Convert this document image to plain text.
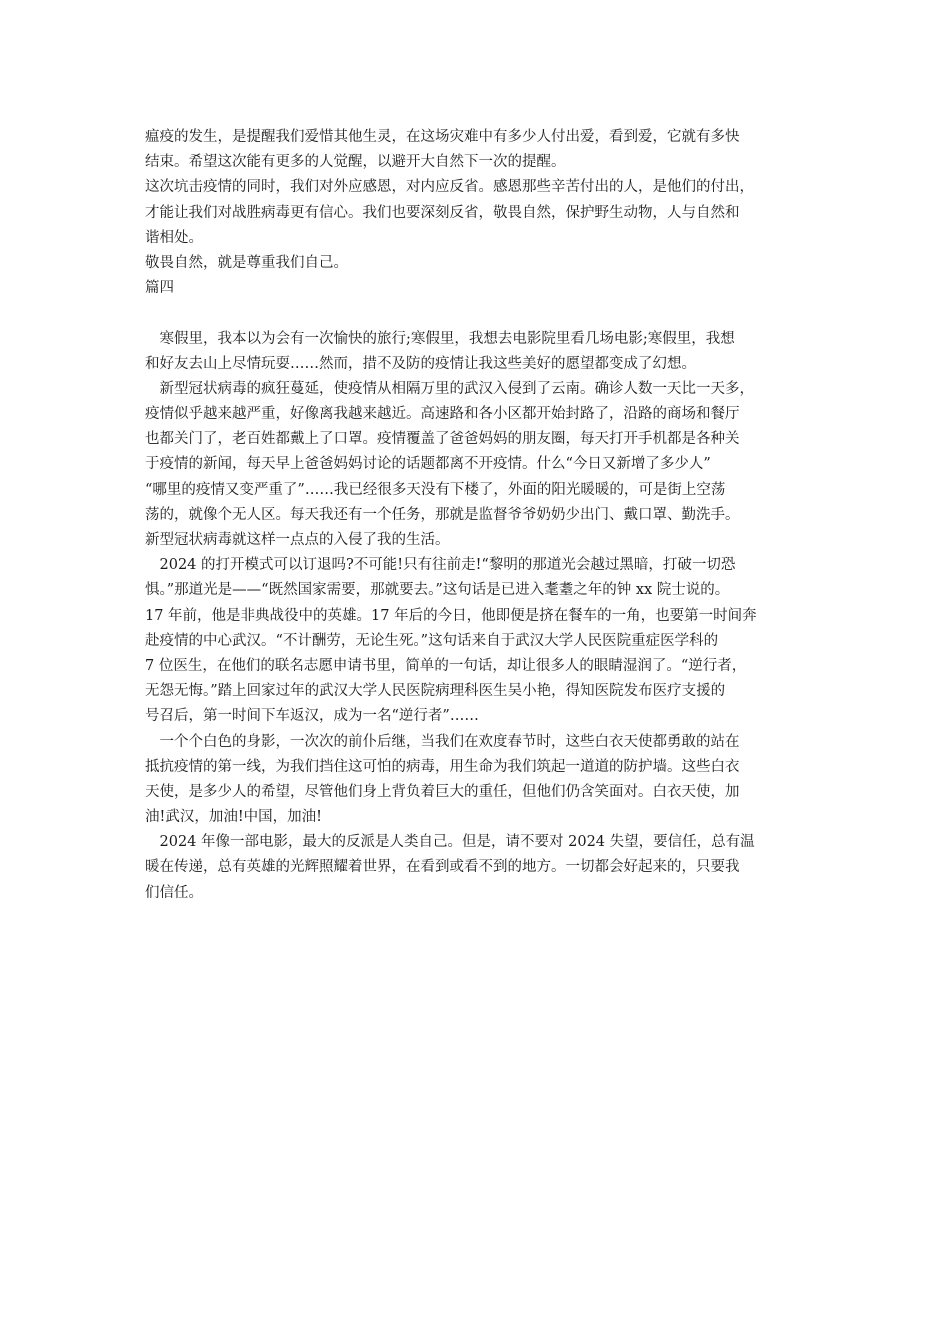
瘟疫的发生，是提醒我们爱惜其他生灵，在这场灾难中有多少人付出爱，看到爱，它就有多快
结束。希望这次能有更多的人觉醒，以避开大自然下一次的提醒。
这次坑击疫情的同时，我们对外应感恩，对内应反省。感恩那些辛苦付出的人，是他们的付出，
才能让我们对战胜病毒更有信心。我们也要深刻反省，敬畏自然，保护野生动物，人与自然和
谐相处。
敬畏自然，就是尊重我们自己。
篇四
　寒假里，我本以为会有一次愉快的旅行;寒假里，我想去电影院里看几场电影;寒假里，我想
和好友去山上尽情玩耍……然而，措不及防的疫情让我这些美好的愿望都变成了幻想。
　新型冠状病毒的疯狂蔓延，使疫情从相隔万里的武汉入侵到了云南。确诊人数一天比一天多，
疫情似乎越来越严重，好像离我越来越近。高速路和各小区都开始封路了，沿路的商场和餐厅
也都关门了，老百姓都戴上了口罩。疫情覆盖了爸爸妈妈的朋友圈，每天打开手机都是各种关
于疫情的新闻，每天早上爸爸妈妈讨论的话题都离不开疫情。什么“今日又新增了多少人”
“哪里的疫情又变严重了”……我已经很多天没有下楼了，外面的阳光暖暖的，可是街上空荡
荡的，就像个无人区。每天我还有一个任务，那就是监督爷爷奶奶少出门、戴口罩、勤洗手。
新型冠状病毒就这样一点点的入侵了我的生活。
　2024 的打开模式可以订退吗?不可能!只有往前走!“黎明的那道光会越过黑暗，打破一切恐
惧。”那道光是——“既然国家需要，那就要去。”这句话是已进入耄耋之年的钟 xx 院士说的。
17 年前，他是非典战役中的英雄。17 年后的今日，他即便是挤在餐车的一角，也要第一时间奔
赴疫情的中心武汉。“不计酬劳，无论生死。”这句话来自于武汉大学人民医院重症医学科的
7 位医生，在他们的联名志愿申请书里，简单的一句话，却让很多人的眼睛湿润了。“逆行者，
无怨无悔。”踏上回家过年的武汉大学人民医院病理科医生吴小艳，得知医院发布医疗支援的
号召后，第一时间下车返汉，成为一名“逆行者”……
　一个个白色的身影，一次次的前仆后继，当我们在欢度春节时，这些白衣天使都勇敢的站在
抵抗疫情的第一线，为我们挡住这可怕的病毒，用生命为我们筑起一道道的防护墙。这些白衣
天使，是多少人的希望，尽管他们身上背负着巨大的重任，但他们仍含笑面对。白衣天使，加
油!武汉，加油!中国，加油!
　2024 年像一部电影，最大的反派是人类自己。但是，请不要对 2024 失望，要信任，总有温
暖在传递，总有英雄的光辉照耀着世界，在看到或看不到的地方。一切都会好起来的，只要我
们信任。
